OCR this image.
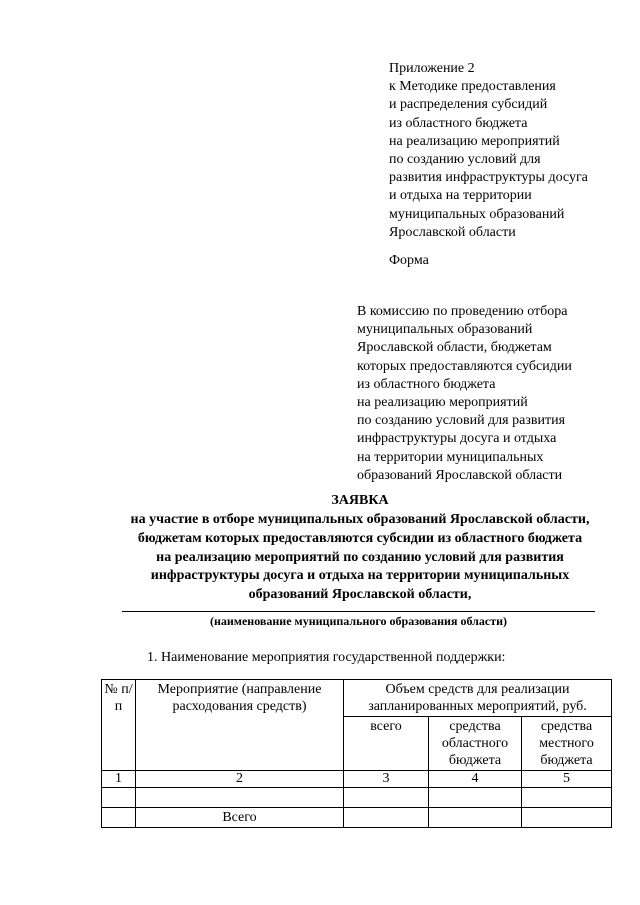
Приложение 2
к Методике предоставления
и распределения субсидий
из областного бюджета
на реализацию мероприятий
по созданию условий для
развития инфраструктуры досуга
и отдыха на территории
муниципальных образований
Ярославской области
Форма
В комиссию по проведению отбора
муниципальных образований
Ярославской области, бюджетам
которых предоставляются субсидии
из областного бюджета
на реализацию мероприятий
по созданию условий для развития
инфраструктуры досуга и отдыха
на территории муниципальных
образований Ярославской области
ЗАЯВКА
на участие в отборе муниципальных образований Ярославской области,
бюджетам которых предоставляются субсидии из областного бюджета
на реализацию мероприятий по созданию условий для развития
инфраструктуры досуга и отдыха на территории муниципальных
образований Ярославской области,
(наименование муниципального образования области)
1. Наименование мероприятия государственной поддержки:
№ п/п	Мероприятие (направление расходования средств)	Объем средств для реализации запланированных мероприятий, руб.		
		всего	средства областного бюджета	средства местного бюджета
1	2	3	4	5

	Всего			
